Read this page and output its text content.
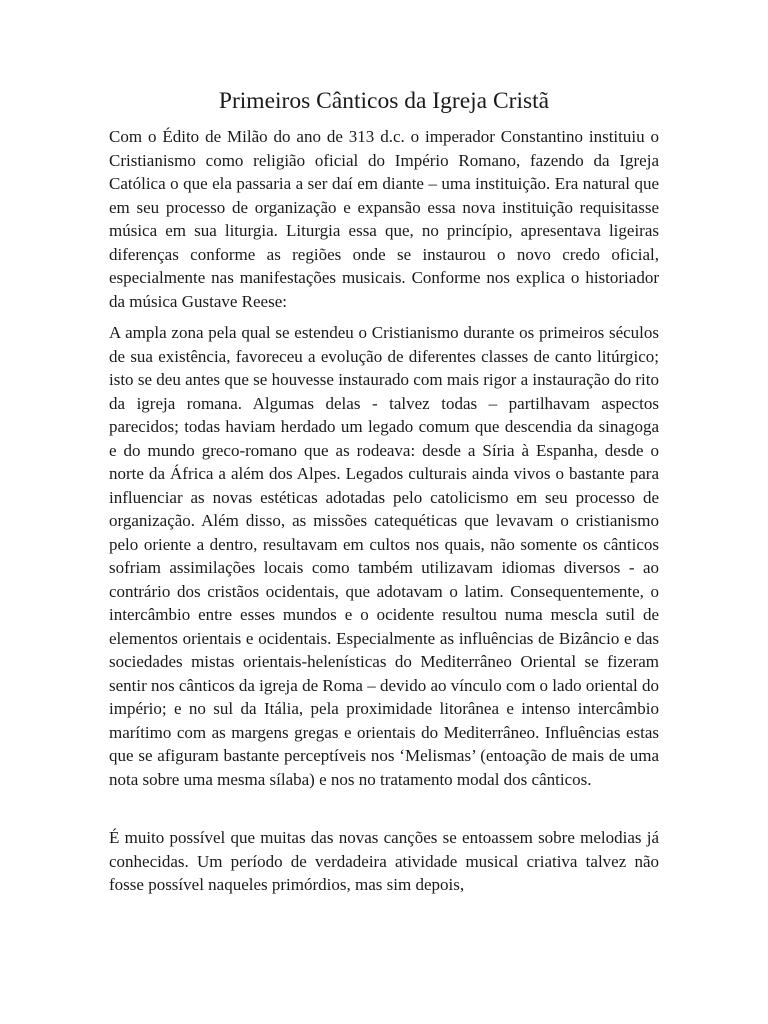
Primeiros Cânticos da Igreja Cristã

Com o Édito de Milão do ano de 313 d.c. o imperador Constantino instituiu o Cristianismo como religião oficial do Império Romano, fazendo da Igreja Católica o que ela passaria a ser daí em diante – uma instituição. Era natural que em seu processo de organização e expansão essa nova instituição requisitasse música em sua liturgia. Liturgia essa que, no princípio, apresentava ligeiras diferenças conforme as regiões onde se instaurou o novo credo oficial, especialmente nas manifestações musicais. Conforme nos explica o historiador da música Gustave Reese:

A ampla zona pela qual se estendeu o Cristianismo durante os primeiros séculos de sua existência, favoreceu a evolução de diferentes classes de canto litúrgico; isto se deu antes que se houvesse instaurado com mais rigor a instauração do rito da igreja romana. Algumas delas - talvez todas – partilhavam aspectos parecidos; todas haviam herdado um legado comum que descendia da sinagoga e do mundo greco-romano que as rodeava: desde a Síria à Espanha, desde o norte da África a além dos Alpes. Legados culturais ainda vivos o bastante para influenciar as novas estéticas adotadas pelo catolicismo em seu processo de organização. Além disso, as missões catequéticas que levavam o cristianismo pelo oriente a dentro, resultavam em cultos nos quais, não somente os cânticos sofriam assimilações locais como também utilizavam idiomas diversos - ao contrário dos cristãos ocidentais, que adotavam o latim. Consequentemente, o intercâmbio entre esses mundos e o ocidente resultou numa mescla sutil de elementos orientais e ocidentais. Especialmente as influências de Bizâncio e das sociedades mistas orientais-helenísticas do Mediterrâneo Oriental se fizeram sentir nos cânticos da igreja de Roma – devido ao vínculo com o lado oriental do império; e no sul da Itália, pela proximidade litorânea e intenso intercâmbio marítimo com as margens gregas e orientais do Mediterrâneo. Influências estas que se afiguram bastante perceptíveis nos ‘Melismas’ (entoação de mais de uma nota sobre uma mesma sílaba) e nos no tratamento modal dos cânticos.

É muito possível que muitas das novas canções se entoassem sobre melodias já conhecidas. Um período de verdadeira atividade musical criativa talvez não fosse possível naqueles primórdios, mas sim depois,
